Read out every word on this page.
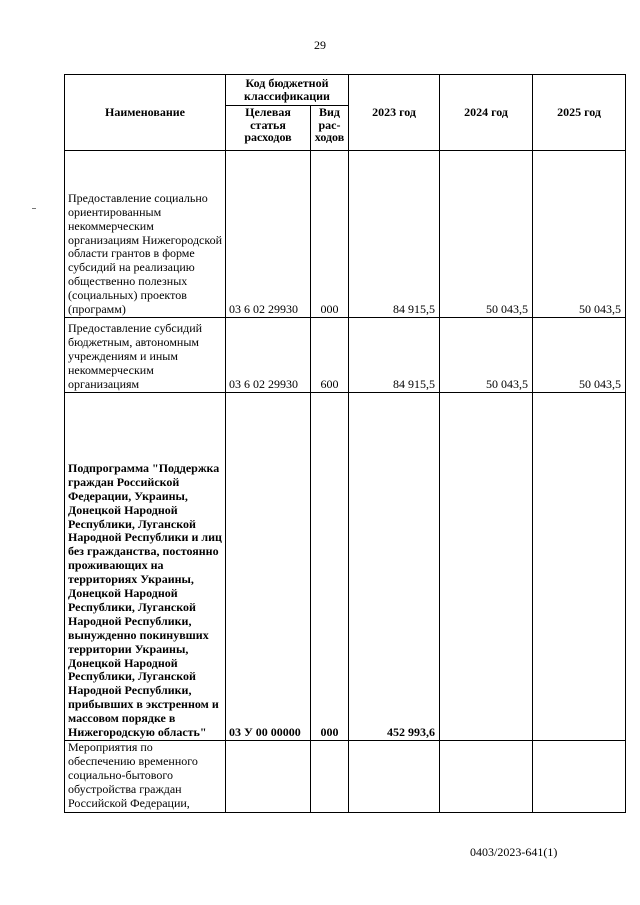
29
Наименование	Код бюджетной классификации		2023 год	2024 год	2025 год
	Целевая статья расходов	Вид рас-
ходов			
Предоставление социально ориентированным некоммерческим организациям Нижегородской области грантов в форме субсидий на реализацию общественно полезных (социальных) проектов (программ)	03 6 02 29930	000	84 915,5	50 043,5	50 043,5
Предоставление субсидий бюджетным, автономным учреждениям и иным некоммерческим организациям	03 6 02 29930	600	84 915,5	50 043,5	50 043,5
Подпрограмма "Поддержка граждан Российской Федерации, Украины, Донецкой Народной Республики, Луганской Народной Республики и лиц без гражданства, постоянно проживающих на территориях Украины, Донецкой Народной Республики, Луганской Народной Республики, вынужденно покинувших территории Украины, Донецкой Народной Республики, Луганской Народной Республики, прибывших в экстренном и массовом порядке в Нижегородскую область"	03 У 00 00000	000	452 993,6		
Мероприятия по обеспечению временного социально-бытового обустройства граждан Российской Федерации,					
0403/2023-641(1)
